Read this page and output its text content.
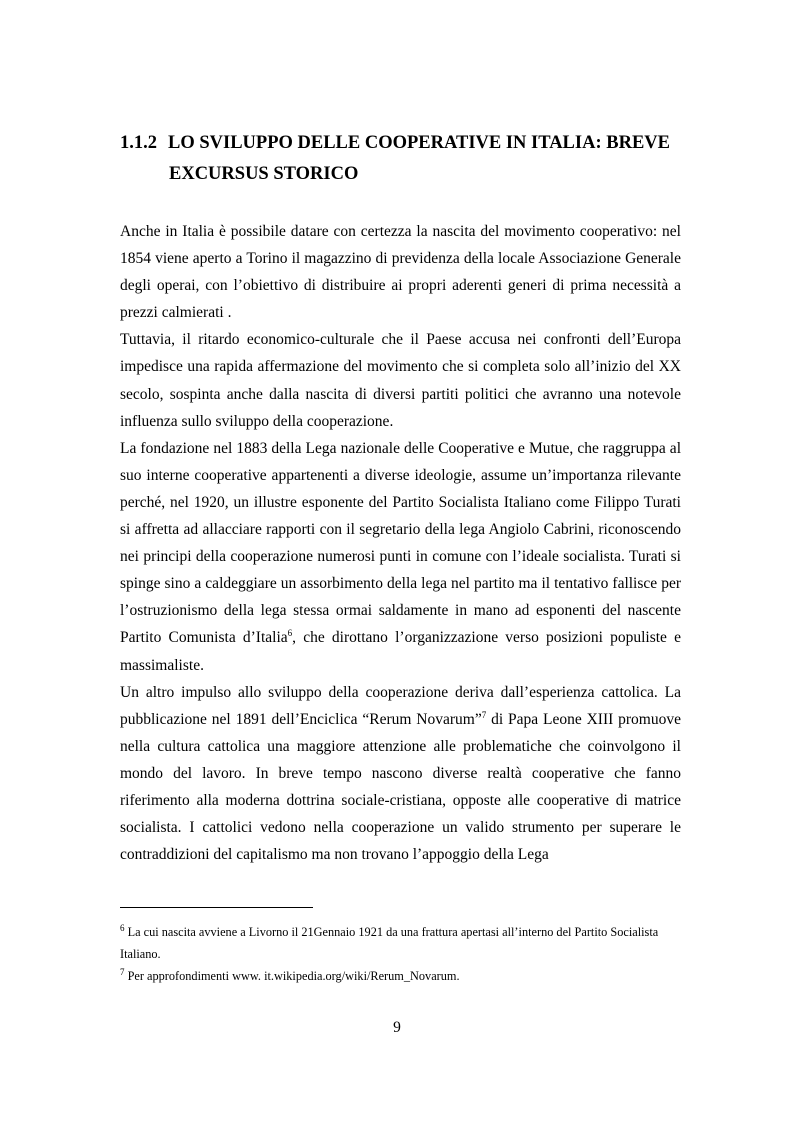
1.1.2 LO SVILUPPO DELLE COOPERATIVE IN ITALIA: BREVE
EXCURSUS STORICO

Anche in Italia è possibile datare con certezza la nascita del movimento cooperativo: nel 1854 viene aperto a Torino il magazzino di previdenza della locale Associazione Generale degli operai, con l’obiettivo di distribuire ai propri aderenti generi di prima necessità a prezzi calmierati .

Tuttavia, il ritardo economico-culturale che il Paese accusa nei confronti dell’Europa impedisce una rapida affermazione del movimento che si completa solo all’inizio del XX secolo, sospinta anche dalla nascita di diversi partiti politici che avranno una notevole influenza sullo sviluppo della cooperazione.

La fondazione nel 1883 della Lega nazionale delle Cooperative e Mutue, che raggruppa al suo interne cooperative appartenenti a diverse ideologie, assume un’importanza rilevante perché, nel 1920, un illustre esponente del Partito Socialista Italiano come Filippo Turati si affretta ad allacciare rapporti con il segretario della lega Angiolo Cabrini, riconoscendo nei principi della cooperazione numerosi punti in comune con l’ideale socialista. Turati si spinge sino a caldeggiare un assorbimento della lega nel partito ma il tentativo fallisce per l’ostruzionismo della lega stessa ormai saldamente in mano ad esponenti del nascente Partito Comunista d’Italia$^6$, che dirottano l’organizzazione verso posizioni populiste e massimaliste.

Un altro impulso allo sviluppo della cooperazione deriva dall’esperienza cattolica. La pubblicazione nel 1891 dell’Enciclica “Rerum Novarum”$^7$ di Papa Leone XIII promuove nella cultura cattolica una maggiore attenzione alle problematiche che coinvolgono il mondo del lavoro. In breve tempo nascono diverse realtà cooperative che fanno riferimento alla moderna dottrina sociale-cristiana, opposte alle cooperative di matrice socialista. I cattolici vedono nella cooperazione un valido strumento per superare le contraddizioni del capitalismo ma non trovano l’appoggio della Lega

$^6$ La cui nascita avviene a Livorno il 21Gennaio 1921 da una frattura apertasi all’interno del Partito Socialista Italiano.

$^7$ Per approfondimenti www. it.wikipedia.org/wiki/Rerum_Novarum.

9
